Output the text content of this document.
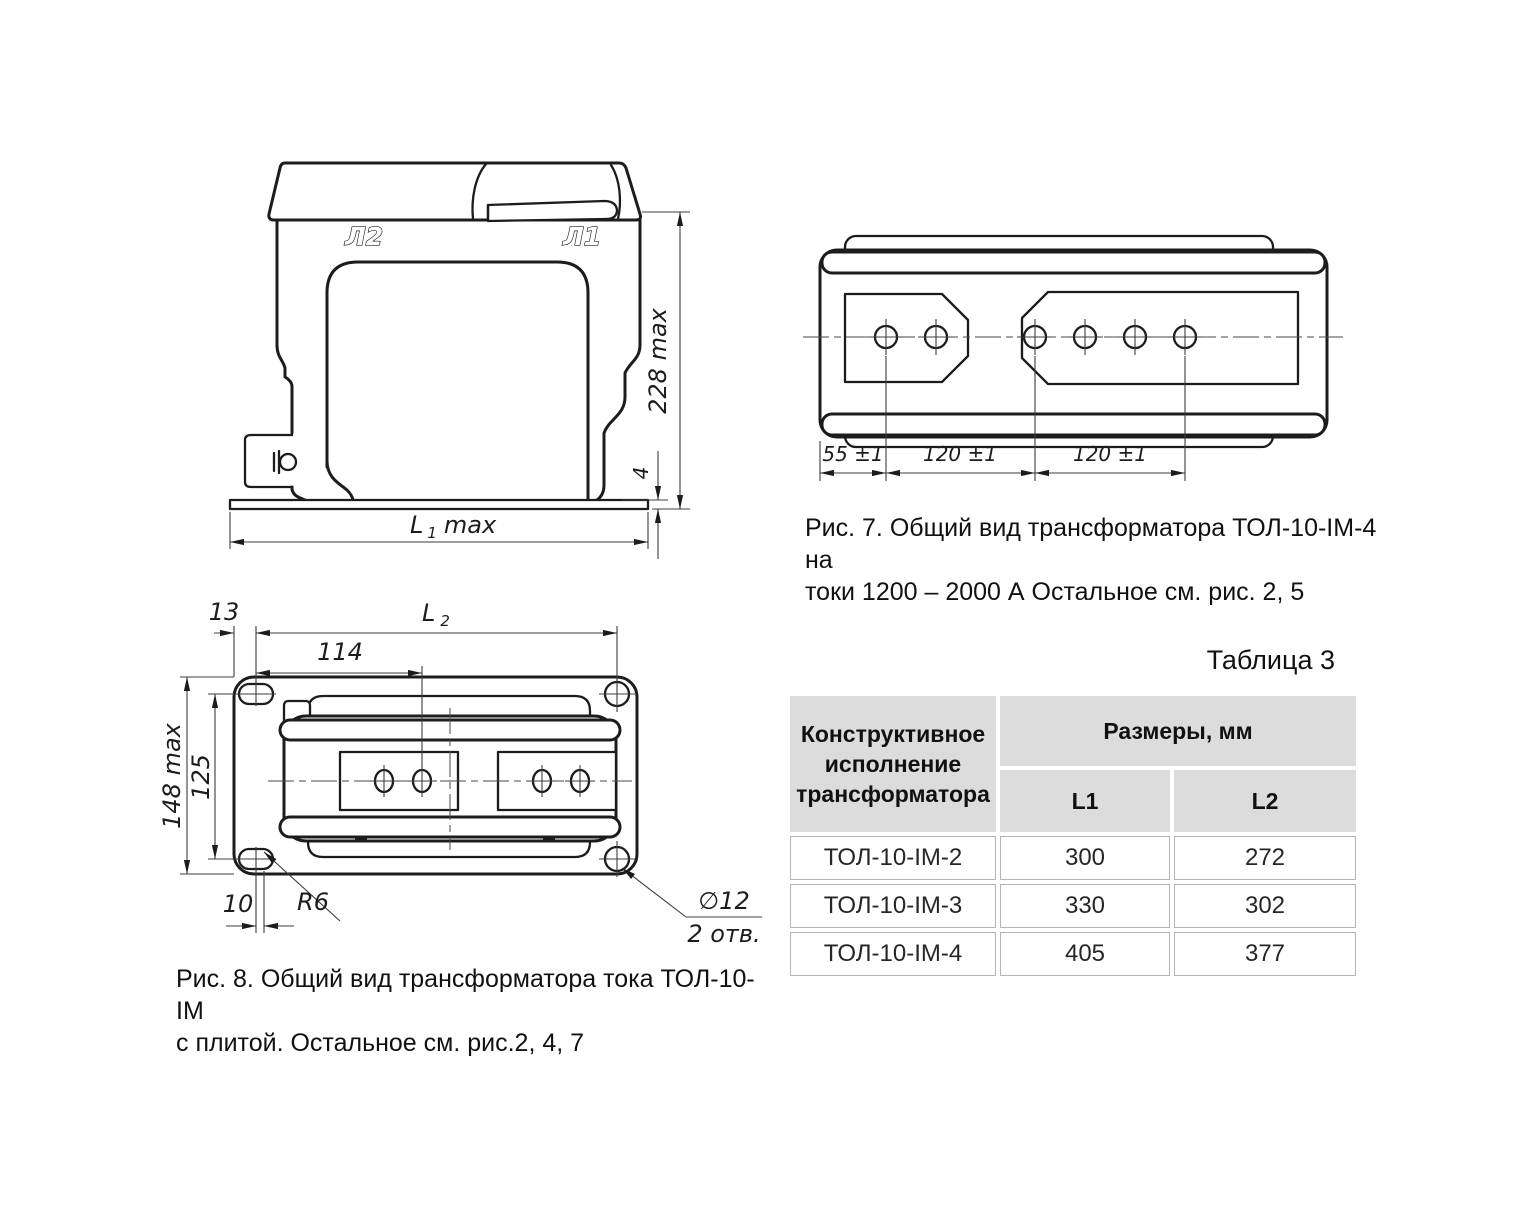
Л2	Л1
228 max
4
L $_1$ max
55 ±1 120 ±1	120 ±1
Рис. 7. Общий вид трансформатора ТОЛ-10-IМ-4 на
токи 1200 – 2000 А Остальное см. рис. 2, 5
13	L $_2$
114
148 max 125
10 R6	∅12
2 отв.
Рис. 8. Общий вид трансформатора тока ТОЛ-10-IМ
с плитой. Остальное см. рис.2, 4, 7
Таблица 3
Конструктивное исполнение трансформатора
Размеры, мм
L1	L2
ТОЛ-10-IМ-2	300	272
ТОЛ-10-IМ-3	330	302
ТОЛ-10-IМ-4	405	377
